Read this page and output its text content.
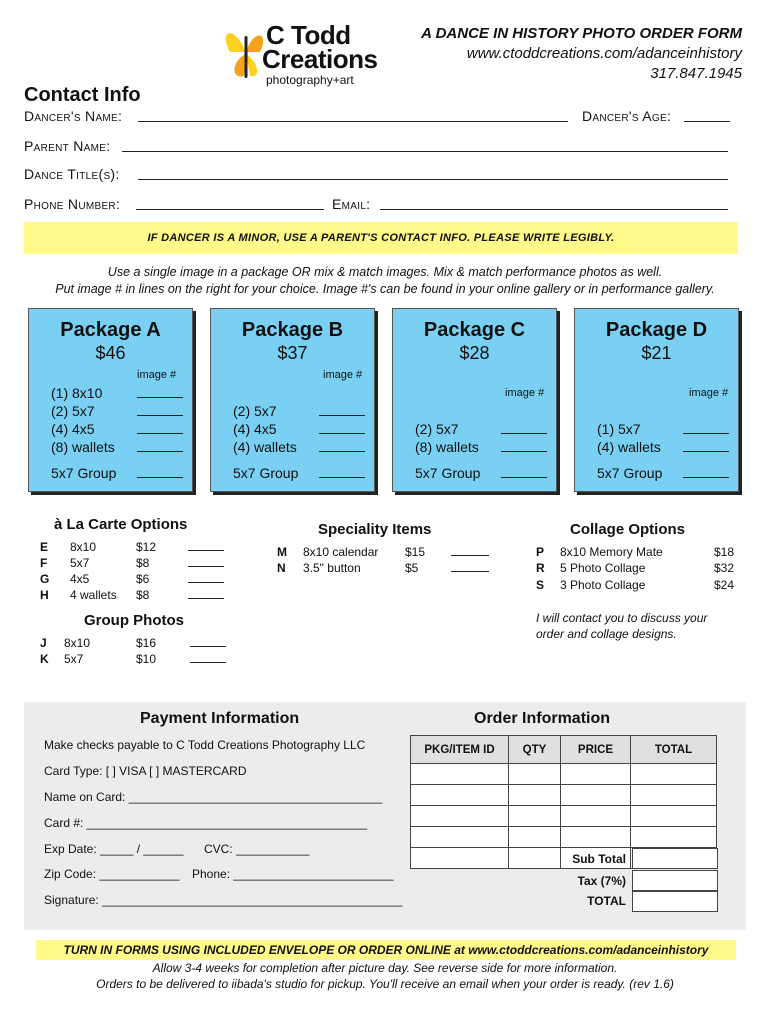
C Todd
Creations
photography+art
A DANCE IN HISTORY PHOTO ORDER FORM
www.ctoddcreations.com/adanceinhistory
317.847.1945
Contact Info
Dancer's Name:	Dancer's Age:
Parent Name:
Dance Title(s):
Phone Number:	Email:
IF DANCER IS A MINOR, USE A PARENT'S CONTACT INFO. PLEASE WRITE LEGIBLY.
Use a single image in a package OR mix & match images. Mix & match performance photos as well.
Put image # in lines on the right for your choice. Image #'s can be found in your online gallery or in performance gallery.
Package A
$46
image #
(1) 8x10
(2) 5x7
(4) 4x5
(8) wallets
5x7 Group
Package B
$37
image #
(2) 5x7
(4) 4x5
(4) wallets
5x7 Group
Package C
$28
image #
(2) 5x7
(8) wallets
5x7 Group
Package D
$21
image #
(1) 5x7
(4) wallets
5x7 Group
à La Carte Options
E 8x10	$12
F 5x7	$8
G 4x5	$6
H 4 wallets $8
Group Photos
J 8x10	$16
K 5x7	$10
Speciality Items
M 8x10 calendar $15
N 3.5" button	$5
Collage Options
P 8x10 Memory Mate	$18
R 5 Photo Collage	$32
S 3 Photo Collage	$24
I will contact you to discuss your
order and collage designs.
Payment Information
Make checks payable to C Todd Creations Photography LLC
Card Type: [ ] VISA [ ] MASTERCARD
Name on Card: ______________________________________
Card #: __________________________________________
Exp Date: _____ / ______ CVC: ___________
Zip Code: ____________ Phone: ________________________
Signature: _____________________________________________
Order Information
PKG/ITEM ID	QTY	PRICE	TOTAL

Sub Total
Tax (7%)
TOTAL
TURN IN FORMS USING INCLUDED ENVELOPE OR ORDER ONLINE at www.ctoddcreations.com/adanceinhistory
Allow 3-4 weeks for completion after picture day. See reverse side for more information.
Orders to be delivered to iibada's studio for pickup. You'll receive an email when your order is ready. (rev 1.6)
